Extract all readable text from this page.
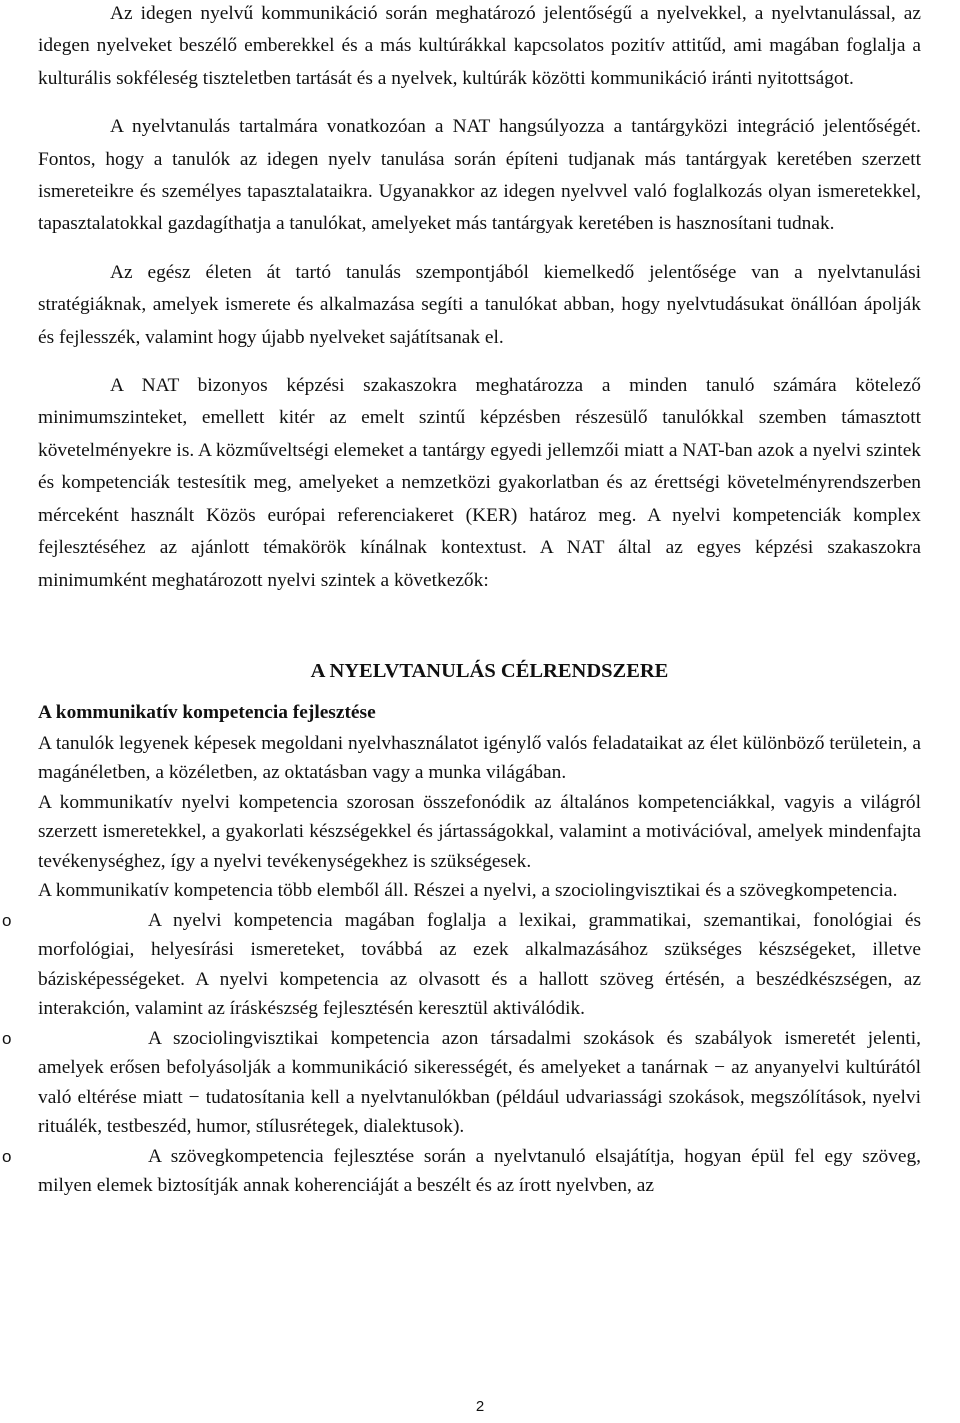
Az idegen nyelvű kommunikáció során meghatározó jelentőségű a nyelvekkel, a nyelvtanulással, az idegen nyelveket beszélő emberekkel és a más kultúrákkal kapcsolatos pozitív attitűd, ami magában foglalja a kulturális sokféleség tiszteletben tartását és a nyelvek, kultúrák közötti kommunikáció iránti nyitottságot.

A nyelvtanulás tartalmára vonatkozóan a NAT hangsúlyozza a tantárgyközi integráció jelentőségét. Fontos, hogy a tanulók az idegen nyelv tanulása során építeni tudjanak más tantárgyak keretében szerzett ismereteikre és személyes tapasztalataikra. Ugyanakkor az idegen nyelvvel való foglalkozás olyan ismeretekkel, tapasztalatokkal gazdagíthatja a tanulókat, amelyeket más tantárgyak keretében is hasznosítani tudnak.

Az egész életen át tartó tanulás szempontjából kiemelkedő jelentősége van a nyelvtanulási stratégiáknak, amelyek ismerete és alkalmazása segíti a tanulókat abban, hogy nyelvtudásukat önállóan ápolják és fejlesszék, valamint hogy újabb nyelveket sajátítsanak el.

A NAT bizonyos képzési szakaszokra meghatározza a minden tanuló számára kötelező minimumszinteket, emellett kitér az emelt szintű képzésben részesülő tanulókkal szemben támasztott követelményekre is. A közműveltségi elemeket a tantárgy egyedi jellemzői miatt a NAT-ban azok a nyelvi szintek és kompetenciák testesítik meg, amelyeket a nemzetközi gyakorlatban és az érettségi követelményrendszerben mérceként használt Közös európai referenciakeret (KER) határoz meg. A nyelvi kompetenciák komplex fejlesztéséhez az ajánlott témakörök kínálnak kontextust. A NAT által az egyes képzési szakaszokra minimumként meghatározott nyelvi szintek a következők:

A NYELVTANULÁS CÉLRENDSZERE
A kommunikatív kompetencia fejlesztése

A tanulók legyenek képesek megoldani nyelvhasználatot igénylő valós feladataikat az élet különböző területein, a magánéletben, a közéletben, az oktatásban vagy a munka világában.

A kommunikatív nyelvi kompetencia szorosan összefonódik az általános kompetenciákkal, vagyis a világról szerzett ismeretekkel, a gyakorlati készségekkel és jártasságokkal, valamint a motivációval, amelyek mindenfajta tevékenységhez, így a nyelvi tevékenységekhez is szükségesek.

A kommunikatív kompetencia több elemből áll. Részei a nyelvi, a szociolingvisztikai és a szövegkompetencia.

o	A nyelvi kompetencia magában foglalja a lexikai, grammatikai, szemantikai, fonológiai és morfológiai, helyesírási ismereteket, továbbá az ezek alkalmazásához szükséges készségeket, illetve bázisképességeket. A nyelvi kompetencia az olvasott és a hallott szöveg értésén, a beszédkészségen, az interakción, valamint az íráskészség fejlesztésén keresztül aktiválódik.

o	A szociolingvisztikai kompetencia azon társadalmi szokások és szabályok ismeretét jelenti, amelyek erősen befolyásolják a kommunikáció sikerességét, és amelyeket a tanárnak − az anyanyelvi kultúrától való eltérése miatt − tudatosítania kell a nyelvtanulókban (például udvariassági szokások, megszólítások, nyelvi rituálék, testbeszéd, humor, stílusrétegek, dialektusok).

o	A szövegkompetencia fejlesztése során a nyelvtanuló elsajátítja, hogyan épül fel egy szöveg, milyen elemek biztosítják annak koherenciáját a beszélt és az írott nyelvben, az

2
